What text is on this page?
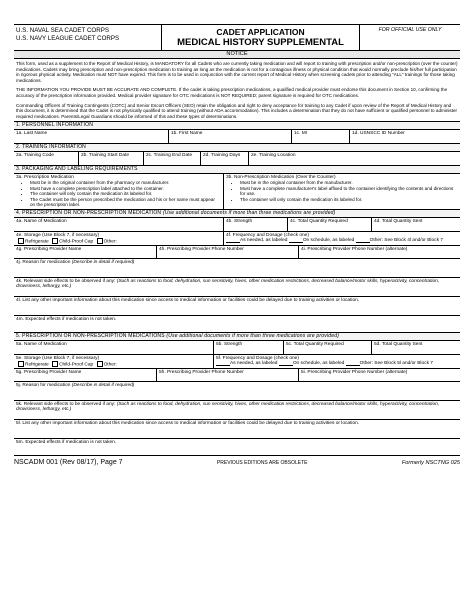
U.S. NAVAL SEA CADET CORPS
U.S. NAVY LEAGUE CADET CORPS
CADET APPLICATION
MEDICAL HISTORY SUPPLEMENTAL
FOR OFFICIAL USE ONLY
NOTICE
This form, used as a supplement to the Report of Medical History, is MANDATORY for all Cadets who are currently taking medication and will report to training with prescription and/or non-prescription (over the counter) medications. Cadets may bring prescription and non-prescription medication to training as long as the medication is not for a contagious illness or physical condition that would normally preclude his/her full participation in rigorous physical activity. Medication must NOT have expired. This form is to be used in conjunction with the current report of Medical History when screening cadets prior to attending "ALL" trainings for those taking medications.
THE INFORMATION YOU PROVIDE MUST BE ACCURATE AND COMPLETE. If the cadet is taking prescription medications, a qualified medical provider must endorse this document in Section 10, confirming the accuracy of the prescription information provided. Medical provider signature for OTC medications is NOT REQUIRED; parent signature is required for OTC medications.
Commanding Officers of Training Contingents (COTC) and Senior Escort Officers (SEO) retain the obligation and right to deny acceptance for training to any Cadet if upon review of the Report of Medical History and this document, it is determined that the Cadet is not physically qualified to attend training (without ADA accommodation). This includes a determination that they do not have sufficient or qualified personnel to administer required medications. Parents/Legal Guardians should be informed of this and these types of determinations.
1. PERSONNEL INFORMATION
1a. Last Name	1b. First Name	1c. MI	1d. USNSCC ID Number
2. TRAINING INFORMATION
2a. Training Code	2b. Training Start Date	2c. Training End Date	2d. Training Days	2e. Training Location
3. PACKAGING AND LABELING REQUIREMENTS
3a. Prescription Medication
• Must be in the original container from the pharmacy or manufacturer.
• Must have a complete prescription label attached to the container.
• The container will only contain the medication its labeled for.
• The Cadet must be the person prescribed the medication and his or her name must appear on the prescription label.
3b. Non-Prescription Medication (Over the Counter)
• Must be in the original container from the manufacturer.
• Must have a complete manufacturer's label affixed to the container identifying the contents and directions for use.
• The container will only contain the medication its labeled for.
4. PRESCRIPTION OR NON-PRESCRIPTION MEDICATION (Use additional documents if more than three medications are provided)
4a. Name of Medication	4b. Strength	4c. Total Quantity Required	4d. Total Quantity Sent
4e. Storage (Use Block 7, if necessary)
Refrigerate Child-Proof Cap Other:
4f. Frequency and Dosage (check one)
As needed, as labeled	On schedule, as labeled	Other: See Block 4l and/or Block 7
4g. Prescribing Provider Name	4h. Prescribing Provider Phone Number	4i. Prescribing Provider Phone Number (alternate)
4j. Reason for medication (Describe in detail if required)
4k. Relevant side effects to be observed if any: (Such as reactions to food, dehydration, sun sensitivity, hives, other medication restrictions, decreased balance/motor skills, hyperactivity, concentration, drowsiness, lethargy, etc.)
4l. List any other important information about this medication since access to medical information or facilities could be delayed due to training activities or location.
4m. Expected effects if medication is not taken.
5. PRESCRIPTION OR NON-PRESCRIPTION MEDICATIONS (Use additional documents if more than three medications are provided)
5a. Name of Medication	5b. Strength	5c. Total Quantity Required	5d. Total Quantity Sent
5e. Storage (Use Block 7, if necessary)
Refrigerate Child-Proof Cap Other:
5f. Frequency and Dosage (check one)
As needed, as labeled	On schedule, as labeled	Other: See Block 5l and/or Block 7
5g. Prescribing Provider Name	5h. Prescribing Provider Phone Number	5i. Prescribing Provider Phone Number (alternate)
5j. Reason for medication (Describe in detail if required)
5k. Relevant side effects to be observed if any: (Such as reactions to food, dehydration, sun sensitivity, hives, other medication restrictions, decreased balance/motor skills, hyperactivity, concentration, drowsiness, lethargy, etc.)
5l. List any other important information about this medication since access to medical information or facilities could be delayed due to training activities or location.
5m. Expected effects if medication is not taken.
NSCADM 001 (Rev 08/17), Page 7	PREVIOUS EDITIONS ARE OBSOLETE	Formerly NSCTNG 025
